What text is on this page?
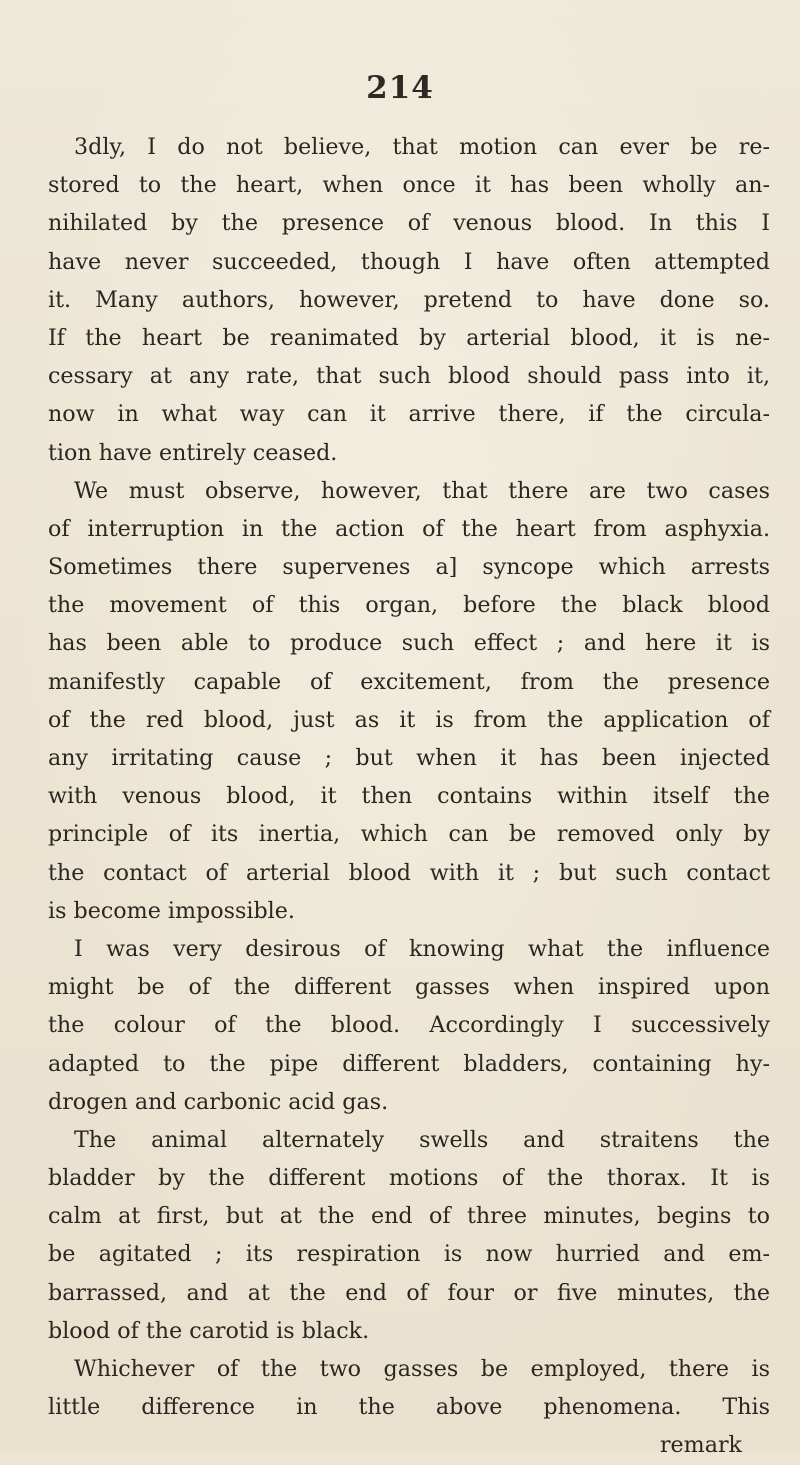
214
3dly, I do not believe, that motion can ever be re-
stored to the heart, when once it has been wholly an-
nihilated by the presence of venous blood. In this I
have never succeeded, though I have often attempted
it. Many authors, however, pretend to have done so.
If the heart be reanimated by arterial blood, it is ne-
cessary at any rate, that such blood should pass into it,
now in what way can it arrive there, if the circula-
tion have entirely ceased.
We must observe, however, that there are two cases
of interruption in the action of the heart from asphyxia.
Sometimes there supervenes a] syncope which arrests
the movement of this organ, before the black blood
has been able to produce such effect ; and here it is
manifestly capable of excitement, from the presence
of the red blood, just as it is from the application of
any irritating cause ; but when it has been injected
with venous blood, it then contains within itself the
principle of its inertia, which can be removed only by
the contact of arterial blood with it ; but such contact
is become impossible.
I was very desirous of knowing what the influence
might be of the different gasses when inspired upon
the colour of the blood. Accordingly I successively
adapted to the pipe different bladders, containing hy-
drogen and carbonic acid gas.
The animal alternately swells and straitens the
bladder by the different motions of the thorax. It is
calm at first, but at the end of three minutes, begins to
be agitated ; its respiration is now hurried and em-
barrassed, and at the end of four or five minutes, the
blood of the carotid is black.
Whichever of the two gasses be employed, there is
little difference in the above phenomena. This
remark
